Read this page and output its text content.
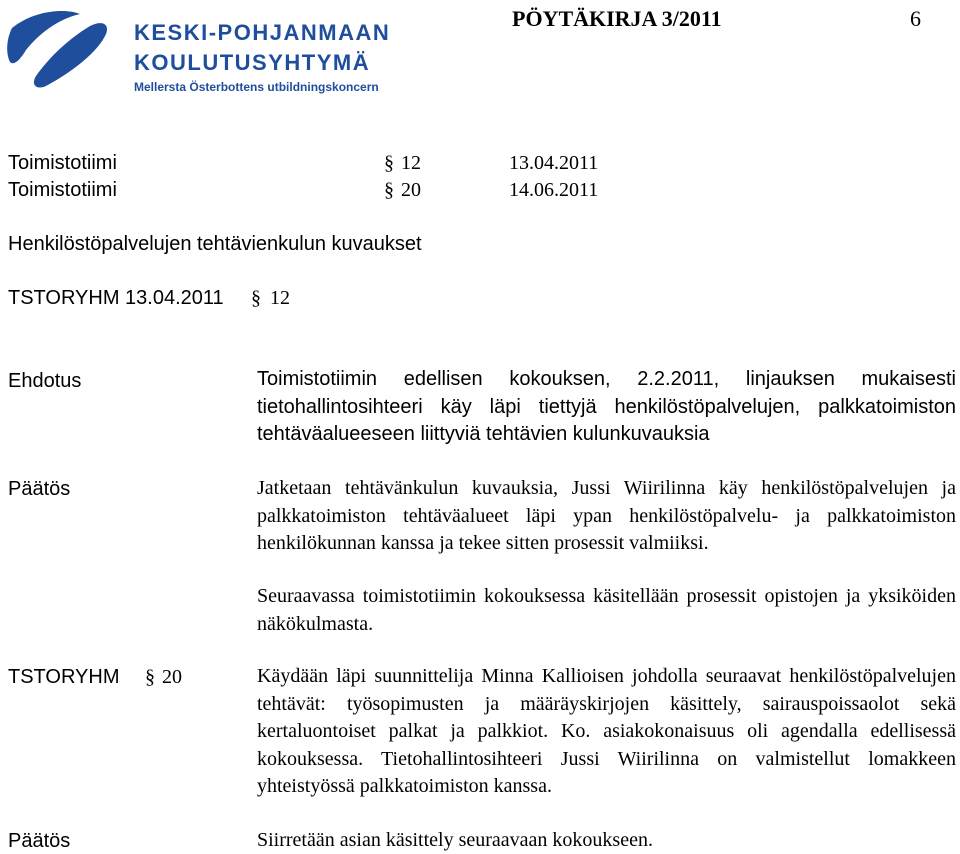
KESKI-POHJANMAAN
KOULUTUSYHTYMÄ
Mellersta Österbottens utbildningskoncern
PÖYTÄKIRJA 3/2011	6
Toimistotiimi	§ 12	13.04.2011
Toimistotiimi	§ 20	14.06.2011
Henkilöstöpalvelujen tehtävienkulun kuvaukset
TSTORYHM 13.04.2011 § 12
Ehdotus	Toimistotiimin edellisen kokouksen, 2.2.2011, linjauksen mukaisesti tietohallintosihteeri käy läpi tiettyjä henkilöstöpalvelujen, palkkatoimiston tehtäväalueeseen liittyviä tehtävien kulunkuvauksia
Päätös	Jatketaan tehtävänkulun kuvauksia, Jussi Wiirilinna käy henkilöstöpalvelujen ja palkkatoimiston tehtäväalueet läpi ypan henkilöstöpalvelu- ja palkkatoimiston henkilökunnan kanssa ja tekee sitten prosessit valmiiksi.
Seuraavassa toimistotiimin kokouksessa käsitellään prosessit opistojen ja yksiköiden näkökulmasta.
TSTORYHM § 20	Käydään läpi suunnittelija Minna Kallioisen johdolla seuraavat henkilöstöpalvelujen tehtävät: työsopimusten ja määräyskirjojen käsittely, sairauspoissaolot sekä kertaluontoiset palkat ja palkkiot. Ko. asiakokonaisuus oli agendalla edellisessä kokouksessa. Tietohallintosihteeri Jussi Wiirilinna on valmistellut lomakkeen yhteistyössä palkkatoimiston kanssa.
Päätös	Siirretään asian käsittely seuraavaan kokoukseen.
